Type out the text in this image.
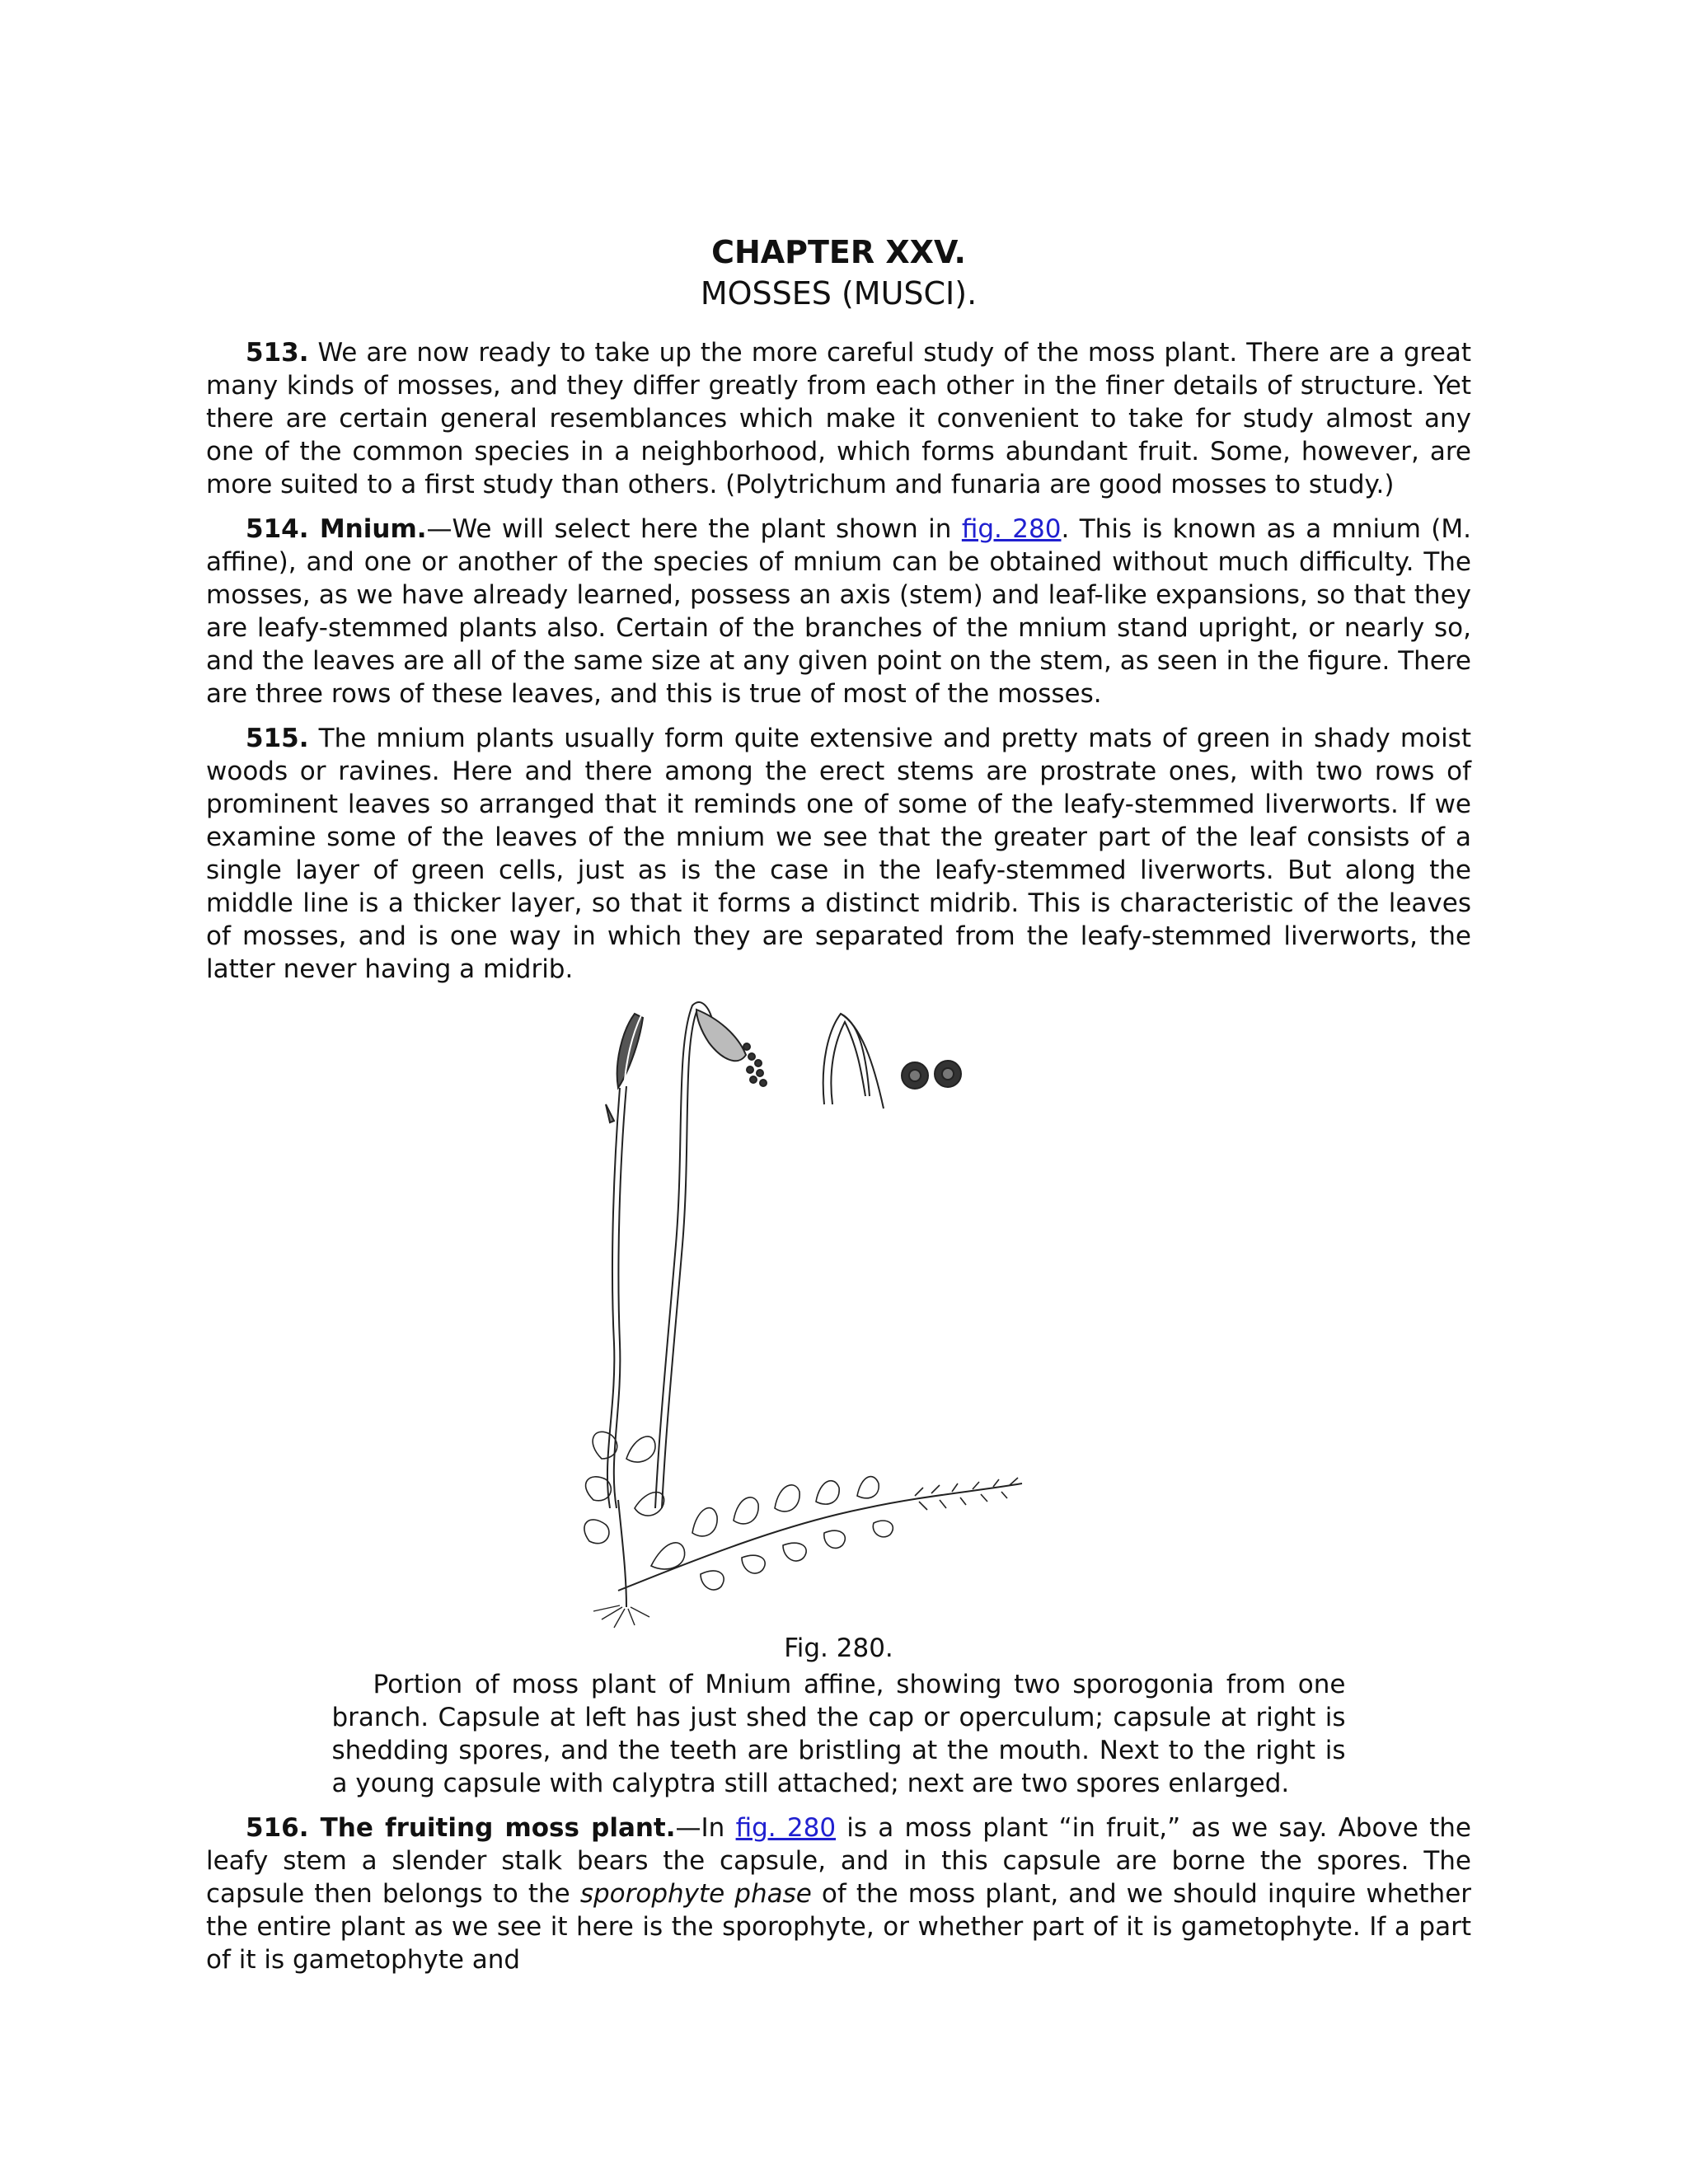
CHAPTER XXV.
MOSSES (MUSCI).

513. We are now ready to take up the more careful study of the moss plant. There are a great many kinds of mosses, and they differ greatly from each other in the finer details of structure. Yet there are certain general resemblances which make it convenient to take for study almost any one of the common species in a neighborhood, which forms abundant fruit. Some, however, are more suited to a first study than others. (Polytrichum and funaria are good mosses to study.)

514. Mnium.—We will select here the plant shown in fig. 280. This is known as a mnium (M. affine), and one or another of the species of mnium can be obtained without much difficulty. The mosses, as we have already learned, possess an axis (stem) and leaf-like expansions, so that they are leafy-stemmed plants also. Certain of the branches of the mnium stand upright, or nearly so, and the leaves are all of the same size at any given point on the stem, as seen in the figure. There are three rows of these leaves, and this is true of most of the mosses.

515. The mnium plants usually form quite extensive and pretty mats of green in shady moist woods or ravines. Here and there among the erect stems are prostrate ones, with two rows of prominent leaves so arranged that it reminds one of some of the leafy-stemmed liverworts. If we examine some of the leaves of the mnium we see that the greater part of the leaf consists of a single layer of green cells, just as is the case in the leafy-stemmed liverworts. But along the middle line is a thicker layer, so that it forms a distinct midrib. This is characteristic of the leaves of mosses, and is one way in which they are separated from the leafy-stemmed liverworts, the latter never having a midrib.

Fig. 280.

Portion of moss plant of Mnium affine, showing two sporogonia from one branch. Capsule at left has just shed the cap or operculum; capsule at right is shedding spores, and the teeth are bristling at the mouth. Next to the right is a young capsule with calyptra still attached; next are two spores enlarged.

516. The fruiting moss plant.—In fig. 280 is a moss plant “in fruit,” as we say. Above the leafy stem a slender stalk bears the capsule, and in this capsule are borne the spores. The capsule then belongs to the sporophyte phase of the moss plant, and we should inquire whether the entire plant as we see it here is the sporophyte, or whether part of it is gametophyte. If a part of it is gametophyte and
